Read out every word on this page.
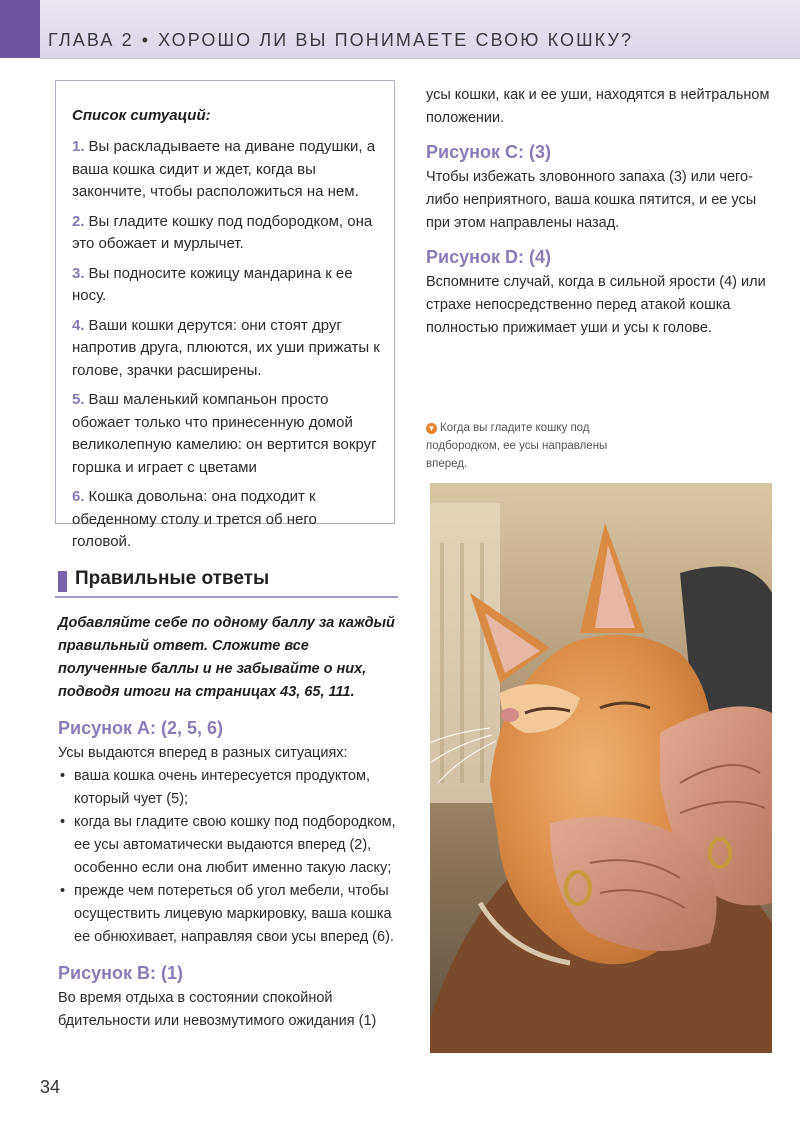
ГЛАВА 2 • ХОРОШО ЛИ ВЫ ПОНИМАЕТЕ СВОЮ КОШКУ?
Список ситуаций:
1. Вы раскладываете на диване подушки, а ваша кошка сидит и ждет, когда вы закончите, чтобы расположиться на нем.
2. Вы гладите кошку под подбородком, она это обожает и мурлычет.
3. Вы подносите кожицу мандарина к ее носу.
4. Ваши кошки дерутся: они стоят друг напротив друга, плюются, их уши прижаты к голове, зрачки расширены.
5. Ваш маленький компаньон просто обожает только что принесенную домой великолепную камелию: он вертится вокруг горшка и играет с цветами
6. Кошка довольна: она подходит к обеденному столу и трется об него головой.
Правильные ответы
Добавляйте себе по одному баллу за каждый правильный ответ. Сложите все полученные баллы и не забывайте о них, подводя итоги на страницах 43, 65, 111.
Рисунок A: (2, 5, 6)
Усы выдаются вперед в разных ситуациях:
• ваша кошка очень интересуется продуктом, который чует (5);
• когда вы гладите свою кошку под подбородком, ее усы автоматически выдаются вперед (2), особенно если она любит именно такую ласку;
• прежде чем потереться об угол мебели, чтобы осуществить лицевую маркировку, ваша кошка ее обнюхивает, направляя свои усы вперед (6).
Рисунок B: (1)
Во время отдыха в состоянии спокойной бдительности или невозмутимого ожидания (1)
усы кошки, как и ее уши, находятся в нейтральном положении.
Рисунок C: (3)
Чтобы избежать зловонного запаха (3) или чего-либо неприятного, ваша кошка пятится, и ее усы при этом направлены назад.
Рисунок D: (4)
Вспомните случай, когда в сильной ярости (4) или страхе непосредственно перед атакой кошка полностью прижимает уши и усы к голове.
▼ Когда вы гладите кошку под подбородком, ее усы направлены вперед.
34
